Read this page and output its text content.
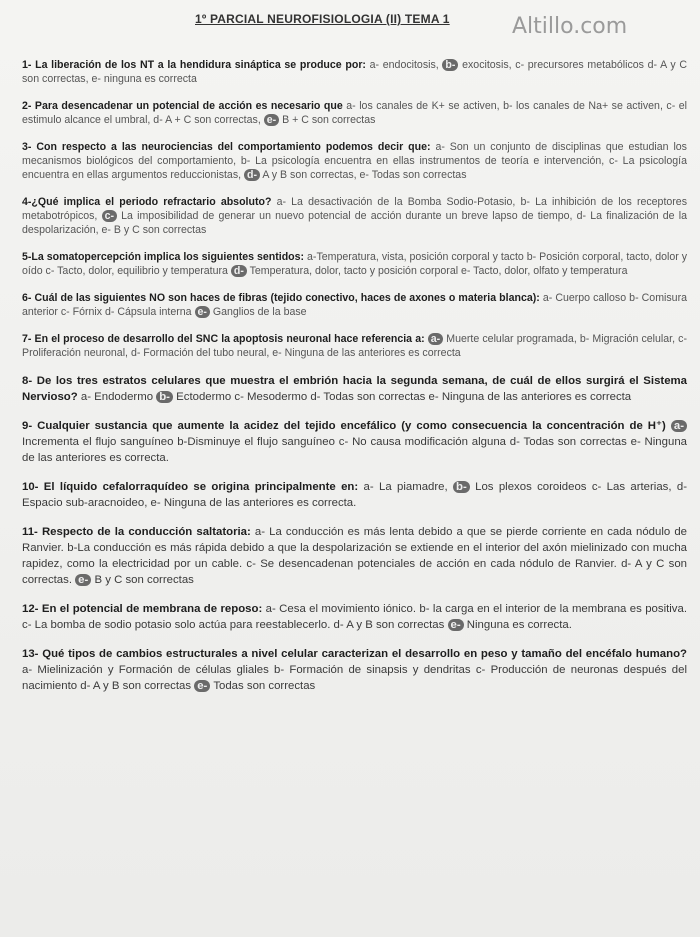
1º PARCIAL NEUROFISIOLOGIA (II) TEMA 1	Altillo.com

1- La liberación de los NT a la hendidura sináptica se produce por: a- endocitosis, b- exocitosis, c- precursores metabólicos d- A y C son correctas, e- ninguna es correcta

2- Para desencadenar un potencial de acción es necesario que a- los canales de K+ se activen, b- los canales de Na+ se activen, c- el estimulo alcance el umbral, d- A + C son correctas, e- B + C son correctas

3- Con respecto a las neurociencias del comportamiento podemos decir que: a- Son un conjunto de disciplinas que estudian los mecanismos biológicos del comportamiento, b- La psicología encuentra en ellas instrumentos de teoría e intervención, c- La psicología encuentra en ellas argumentos reduccionistas, d- A y B son correctas, e- Todas son correctas

4-¿Qué implica el periodo refractario absoluto? a- La desactivación de la Bomba Sodio-Potasio, b- La inhibición de los receptores metabotrópicos, c- La imposibilidad de generar un nuevo potencial de acción durante un breve lapso de tiempo, d- La finalización de la despolarización, e- B y C son correctas

5-La somatopercepción implica los siguientes sentidos: a-Temperatura, vista, posición corporal y tacto b- Posición corporal, tacto, dolor y oído c- Tacto, dolor, equilibrio y temperatura d- Temperatura, dolor, tacto y posición corporal e- Tacto, dolor, olfato y temperatura

6- Cuál de las siguientes NO son haces de fibras (tejido conectivo, haces de axones o materia blanca): a- Cuerpo calloso b- Comisura anterior c- Fórnix d- Cápsula interna e- Ganglios de la base

7- En el proceso de desarrollo del SNC la apoptosis neuronal hace referencia a: a- Muerte celular programada, b- Migración celular, c- Proliferación neuronal, d- Formación del tubo neural, e- Ninguna de las anteriores es correcta

8- De los tres estratos celulares que muestra el embrión hacia la segunda semana, de cuál de ellos surgirá el Sistema Nervioso? a- Endodermo b- Ectodermo c- Mesodermo d- Todas son correctas e- Ninguna de las anteriores es correcta

9- Cualquier sustancia que aumente la acidez del tejido encefálico (y como consecuencia la concentración de H⁺) a- Incrementa el flujo sanguíneo b-Disminuye el flujo sanguíneo c- No causa modificación alguna d- Todas son correctas e- Ninguna de las anteriores es correcta.

10- El líquido cefalorraquídeo se origina principalmente en: a- La piamadre, b- Los plexos coroideos c- Las arterias, d- Espacio sub-aracnoideo, e- Ninguna de las anteriores es correcta.

11- Respecto de la conducción saltatoria: a- La conducción es más lenta debido a que se pierde corriente en cada nódulo de Ranvier. b-La conducción es más rápida debido a que la despolarización se extiende en el interior del axón mielinizado con mucha rapidez, como la electricidad por un cable. c- Se desencadenan potenciales de acción en cada nódulo de Ranvier. d- A y C son correctas. e- B y C son correctas

12- En el potencial de membrana de reposo: a- Cesa el movimiento iónico. b- la carga en el interior de la membrana es positiva. c- La bomba de sodio potasio solo actúa para reestablecerlo. d- A y B son correctas e- Ninguna es correcta.

13- Qué tipos de cambios estructurales a nivel celular caracterizan el desarrollo en peso y tamaño del encéfalo humano? a- Mielinización y Formación de células gliales b- Formación de sinapsis y dendritas c- Producción de neuronas después del nacimiento d- A y B son correctas e- Todas son correctas
